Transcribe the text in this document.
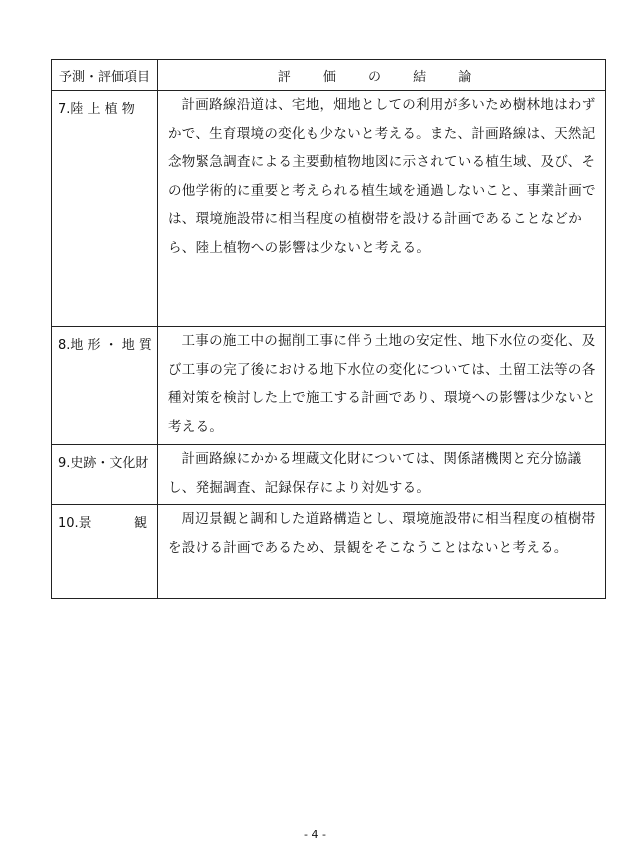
予測・評価項目	評 価 の 結 論
7.陸 上 植 物	計画路線沿道は、宅地，畑地としての利用が多いため樹林地はわずかで、生育環境の変化も少ないと考える。また、計画路線は、天然記念物緊急調査による主要動植物地図に示されている植生域、及び、その他学術的に重要と考えられる植生域を通過しないこと、事業計画では、環境施設帯に相当程度の植樹帯を設ける計画であることなどから、陸上植物への影響は少ないと考える。
8.地 形 ・ 地 質	工事の施工中の掘削工事に伴う土地の安定性、地下水位の変化、及び工事の完了後における地下水位の変化については、土留工法等の各種対策を検討した上で施工する計画であり、環境への影響は少ないと考える。
9.史跡・文化財	計画路線にかかる埋蔵文化財については、関係諸機関と充分協議し、発掘調査、記録保存により対処する。

10.景 観	周辺景観と調和した道路構造とし、環境施設帯に相当程度の植樹帯を設ける計画であるため、景観をそこなうことはないと考える。
- 4 -
